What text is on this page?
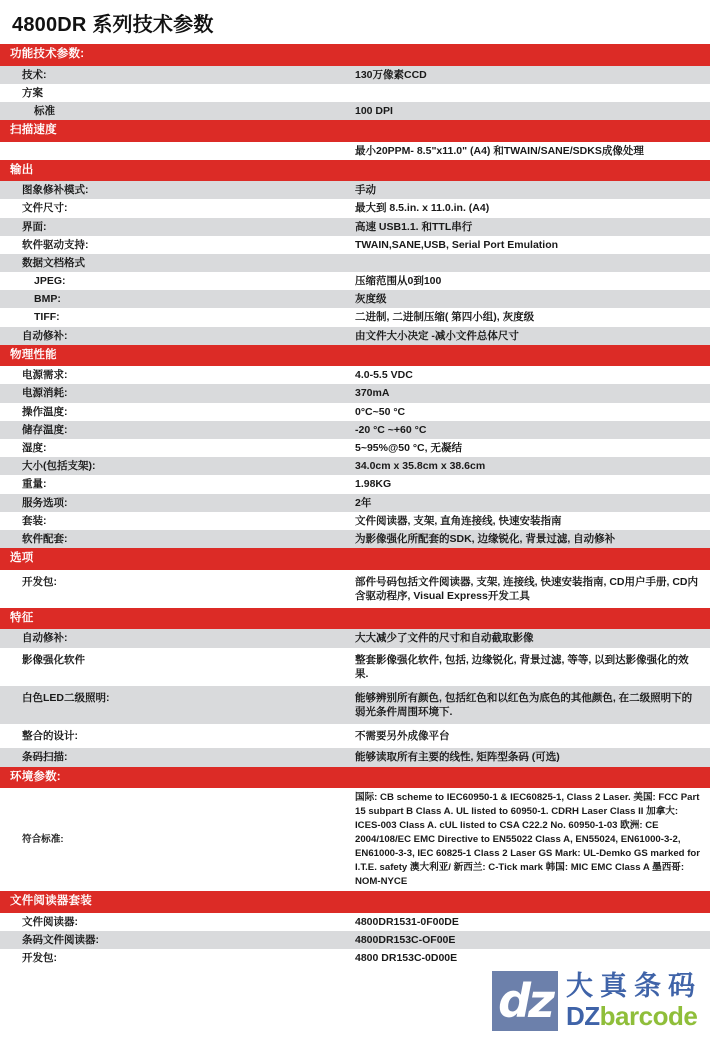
4800DR 系列技术参数
功能技术参数:	
技术:	130万像素CCD
方案	
标准	100 DPI
扫描速度	
	最小20PPM- 8.5"x11.0" (A4) 和TWAIN/SANE/SDKS成像处理
输出	
图象修补模式:	手动
文件尺寸:	最大到 8.5.in. x 11.0.in. (A4)
界面:	高速 USB1.1. 和TTL串行
软件驱动支持:	TWAIN,SANE,USB, Serial Port Emulation
数据文档格式	
JPEG:	压缩范围从0到100
BMP:	灰度级
TIFF:	二进制, 二进制压缩( 第四小组), 灰度级
自动修补:	由文件大小决定 -减小文件总体尺寸
物理性能	
电源需求:	4.0-5.5 VDC
电源消耗:	370mA
操作温度:	0°C~50 °C
储存温度:	-20 °C ~+60 °C
湿度:	5~95%@50 °C, 无凝结
大小(包括支架):	34.0cm x 35.8cm x 38.6cm
重量:	1.98KG
服务选项:	2年
套装:	文件阅读器, 支架, 直角连接线, 快速安装指南
软件配套:	为影像强化所配套的SDK, 边缘锐化, 背景过滤, 自动修补
选项	
开发包:	部件号码包括文件阅读器, 支架, 连接线, 快速安装指南, CD用户手册, CD内含驱动程序, Visual Express开发工具
特征	
自动修补:	大大减少了文件的尺寸和自动截取影像
影像强化软件	整套影像强化软件, 包括, 边缘锐化, 背景过滤, 等等, 以到达影像强化的效果.
白色LED二级照明:	能够辨别所有颜色, 包括红色和以红色为底色的其他颜色, 在二级照明下的弱光条件周围环境下.
整合的设计:	不需要另外成像平台
条码扫描:	能够读取所有主要的线性, 矩阵型条码 (可选)
环境参数:	
符合标准:	国际: CB scheme to IEC60950-1 & IEC60825-1, Class 2 Laser. 美国: FCC Part 15 subpart B Class A. UL listed to 60950-1. CDRH Laser Class II 加拿大: ICES-003 Class A. cUL listed to CSA C22.2 No. 60950-1-03 欧洲: CE 2004/108/EC EMC Directive to EN55022 Class A, EN55024, EN61000-3-2, EN61000-3-3, IEC 60825-1 Class 2 Laser GS Mark: UL-Demko GS marked for I.T.E. safety 澳大利亚/ 新西兰: C-Tick mark 韩国: MIC EMC Class A 墨西哥: NOM-NYCE
文件阅读器套装	
文件阅读器:	4800DR1531-0F00DE
条码文件阅读器:	4800DR153C-OF00E
开发包:	4800 DR153C-0D00E
dz 大真条码
DZbarcode
